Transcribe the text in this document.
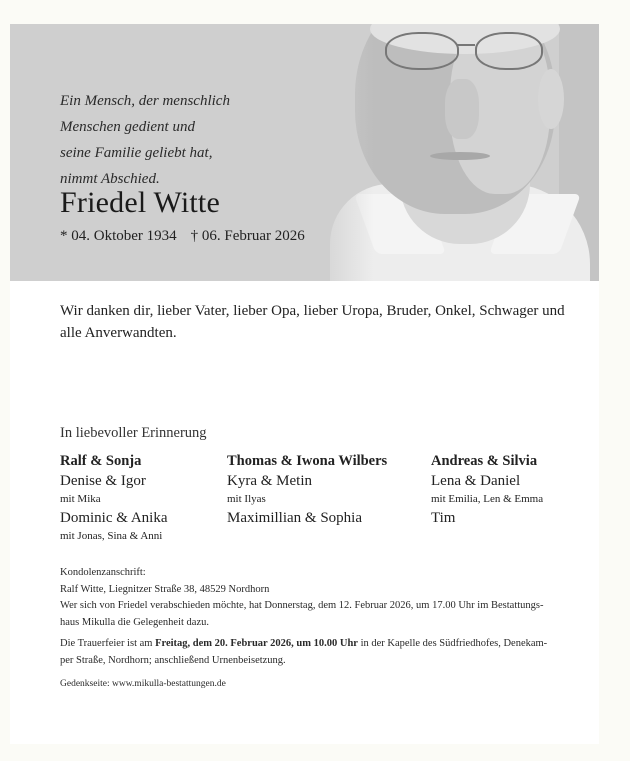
Ein Mensch, der menschlich
Menschen gedient und
seine Familie geliebt hat,
nimmt Abschied.

Friedel Witte
* 04. Oktober 1934 † 06. Februar 2026
Wir danken dir, lieber Vater, lieber Opa, lieber Uropa, Bruder, Onkel, Schwager und alle Anverwandten.
In liebevoller Erinnerung
Ralf & Sonja
Denise & Igor
mit Mika
Dominic & Anika
mit Jonas, Sina & Anni
Thomas & Iwona Wilbers
Kyra & Metin
mit Ilyas
Maximillian & Sophia
Andreas & Silvia
Lena & Daniel
mit Emilia, Len & Emma
Tim
Kondolenzanschrift:
Ralf Witte, Liegnitzer Straße 38, 48529 Nordhorn
Wer sich von Friedel verabschieden möchte, hat Donnerstag, dem 12. Februar 2026, um 17.00 Uhr im Bestattungs-
haus Mikulla die Gelegenheit dazu.
Die Trauerfeier ist am Freitag, dem 20. Februar 2026, um 10.00 Uhr in der Kapelle des Südfriedhofes, Denekam-
per Straße, Nordhorn; anschließend Urnenbeisetzung.
Gedenkseite: www.mikulla-bestattungen.de
